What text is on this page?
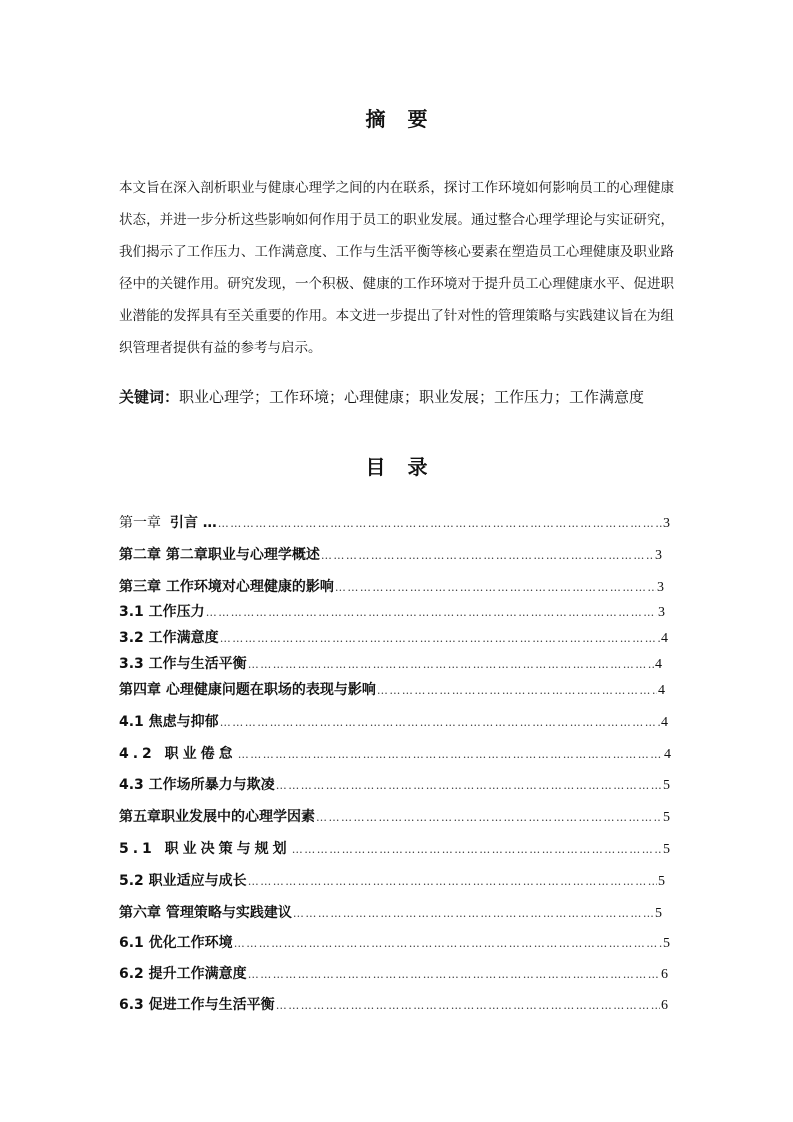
摘要
本文旨在深入剖析职业与健康心理学之间的内在联系，探讨工作环境如何影响员工的心理健康状态，并进一步分析这些影响如何作用于员工的职业发展。通过整合心理学理论与实证研究，我们揭示了工作压力、工作满意度、工作与生活平衡等核心要素在塑造员工心理健康及职业路径中的关键作用。研究发现，一个积极、健康的工作环境对于提升员工心理健康水平、促进职业潜能的发挥具有至关重要的作用。本文进一步提出了针对性的管理策略与实践建议旨在为组织管理者提供有益的参考与启示。
关键词：职业心理学；工作环境；心理健康；职业发展；工作压力；工作满意度
目录
第一章 引言 … …………………………………………………………………………………………………………………………………………………………………………	3
第二章 第二章职业与心理学概述 …………………………………………………………………………………………………………………………………………………………………………	3
第三章 工作环境对心理健康的影响 …………………………………………………………………………………………………………………………………………………………………………	3
3.1 工作压力 …………………………………………………………………………………………………………………………………………………………………………	3
3.2 工作满意度 …………………………………………………………………………………………………………………………………………………………………………	4
3.3 工作与生活平衡 …………………………………………………………………………………………………………………………………………………………………………	4
第四章 心理健康问题在职场的表现与影响 …………………………………………………………………………………………………………………………………………………………………………	4
4.1 焦虑与抑郁 …………………………………………………………………………………………………………………………………………………………………………	4
4.2 职业倦怠 …………………………………………………………………………………………………………………………………………………………………………	4
4.3 工作场所暴力与欺凌 …………………………………………………………………………………………………………………………………………………………………………	5
第五章职业发展中的心理学因素 …………………………………………………………………………………………………………………………………………………………………………	5
5.1 职业决策与规划 …………………………………………………………………………………………………………………………………………………………………………	5
5.2 职业适应与成长 …………………………………………………………………………………………………………………………………………………………………………	5
第六章 管理策略与实践建议 …………………………………………………………………………………………………………………………………………………………………………	5
6.1 优化工作环境 …………………………………………………………………………………………………………………………………………………………………………	5
6.2 提升工作满意度 …………………………………………………………………………………………………………………………………………………………………………	6
6.3 促进工作与生活平衡 …………………………………………………………………………………………………………………………………………………………………………	6
